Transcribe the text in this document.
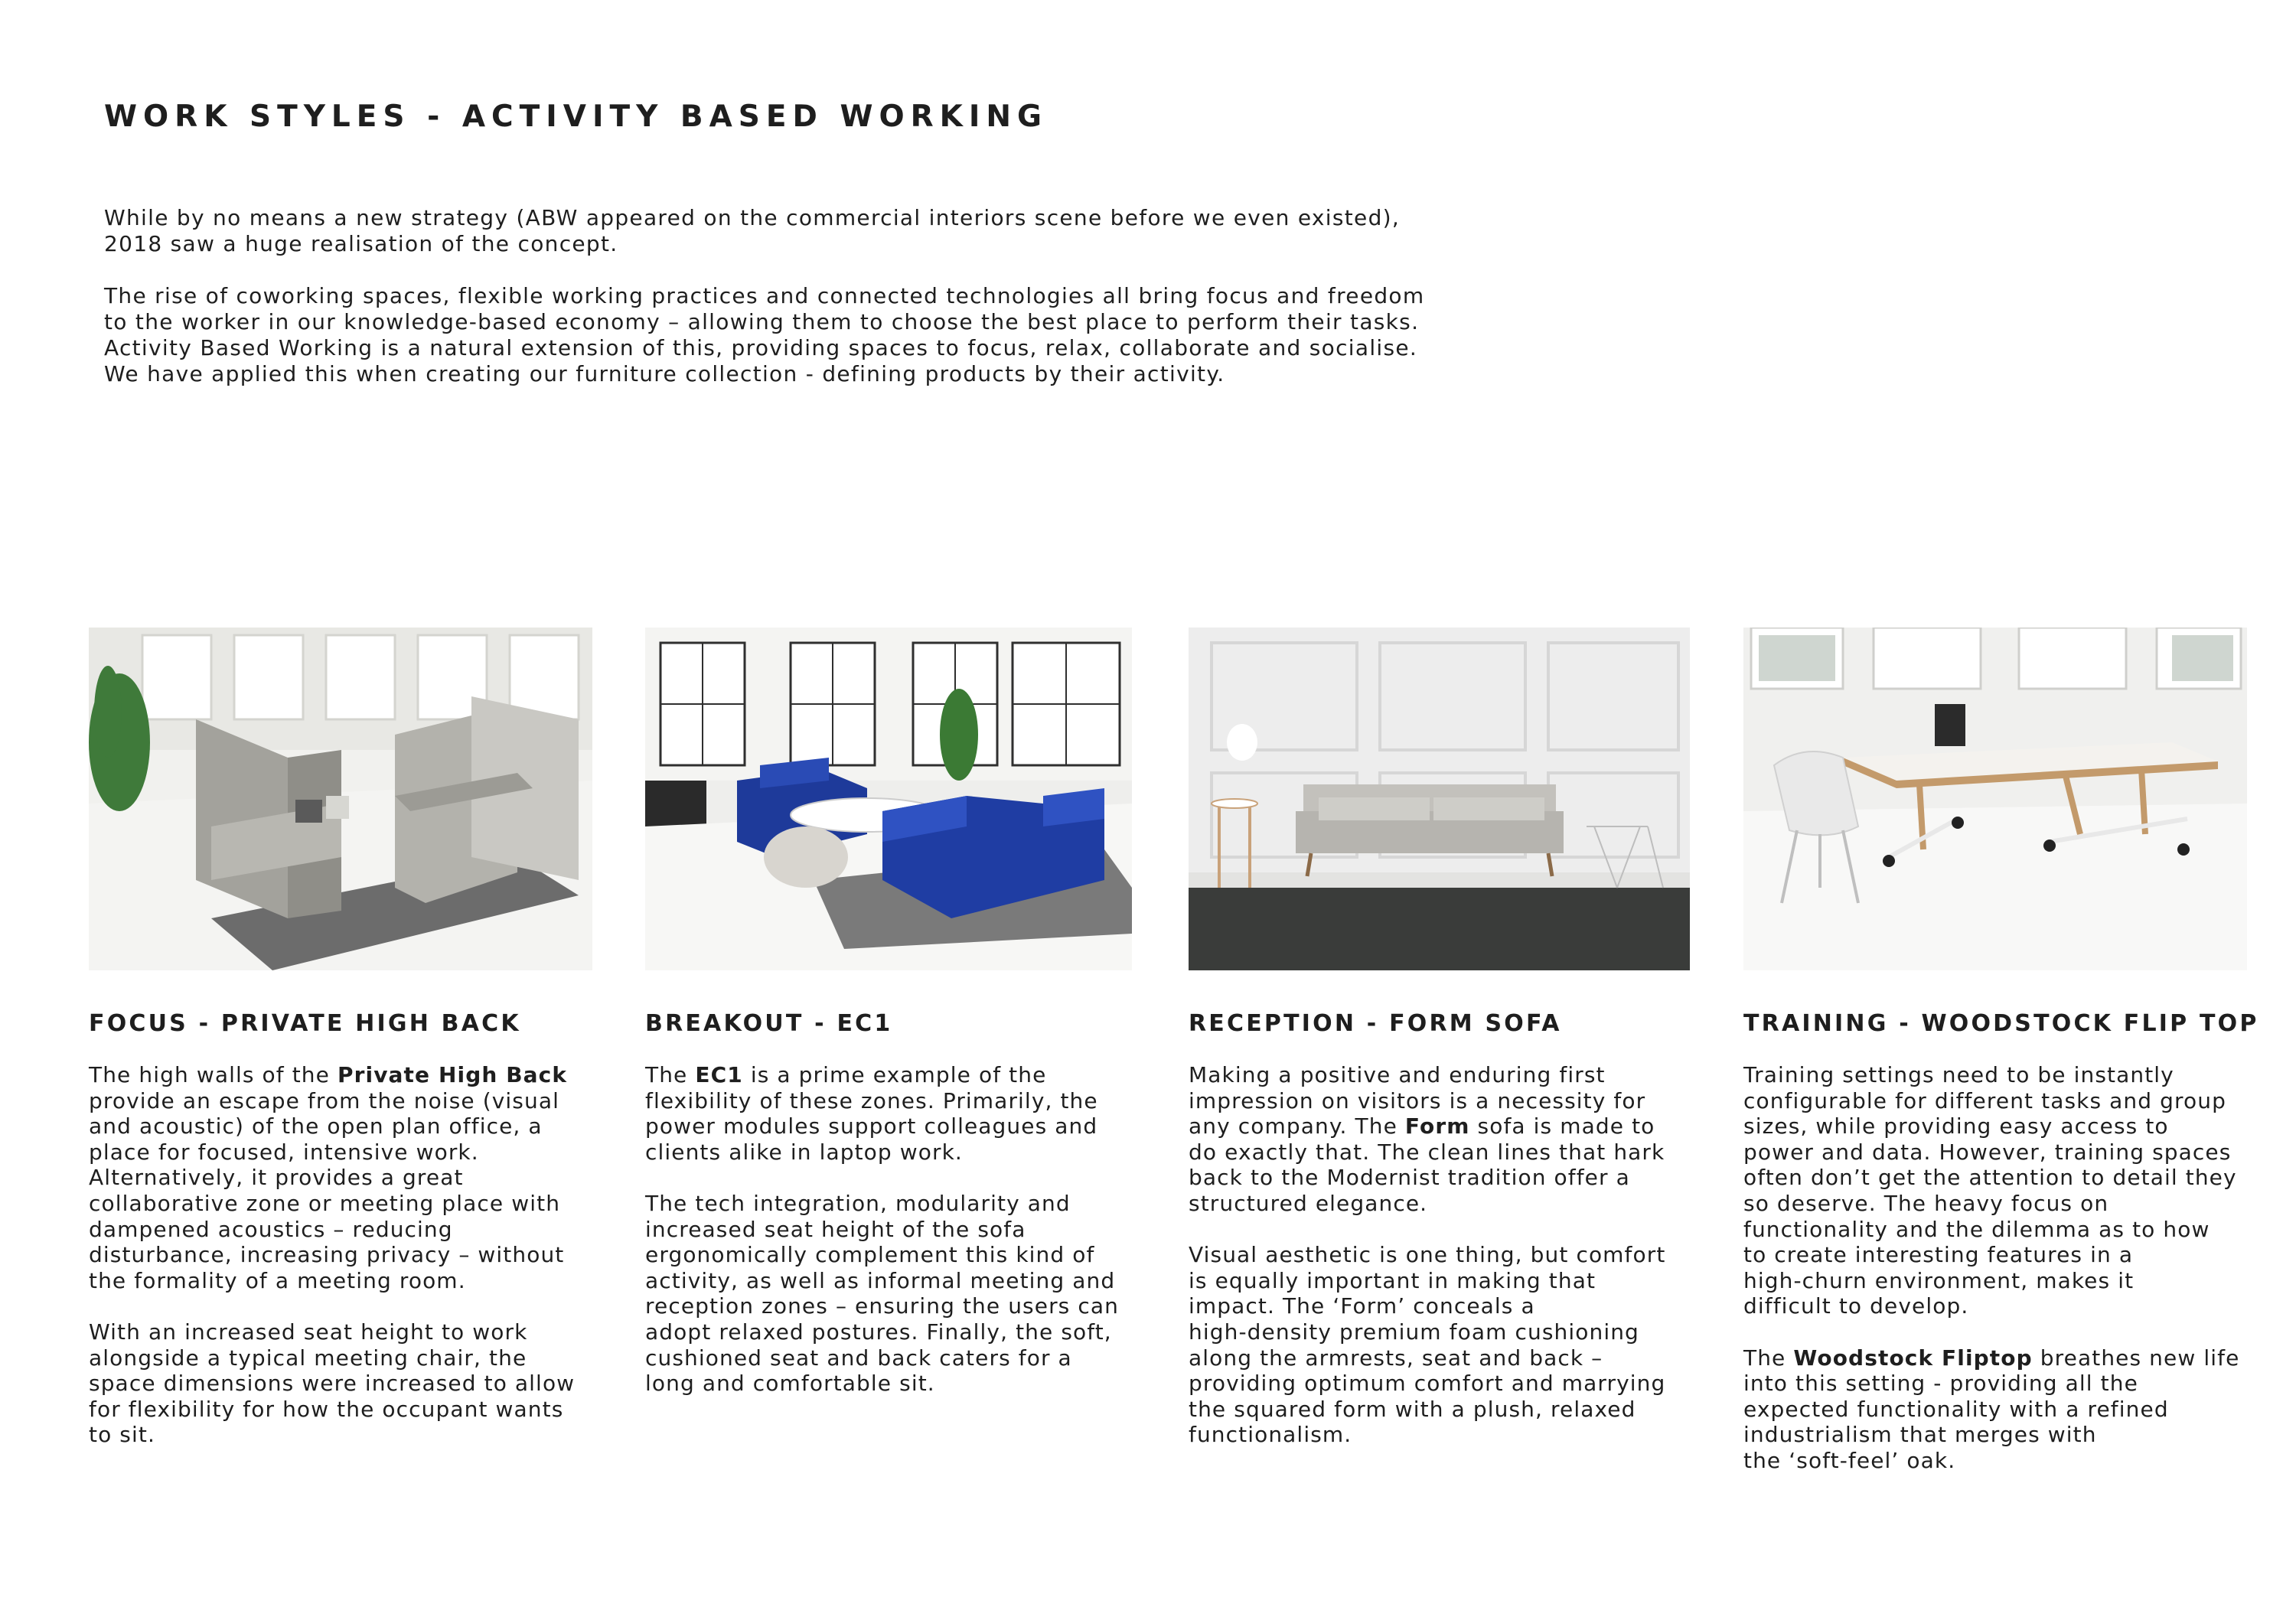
WORK STYLES - ACTIVITY BASED WORKING

While by no means a new strategy (ABW appeared on the commercial interiors scene before we even existed),
2018 saw a huge realisation of the concept.

The rise of coworking spaces, flexible working practices and connected technologies all bring focus and freedom
to the worker in our knowledge-based economy – allowing them to choose the best place to perform their tasks.
Activity Based Working is a natural extension of this, providing spaces to focus, relax, collaborate and socialise.
We have applied this when creating our furniture collection - defining products by their activity.

FOCUS - PRIVATE HIGH BACK
The high walls of the Private High Back
provide an escape from the noise (visual
and acoustic) of the open plan office, a
place for focused, intensive work.
Alternatively, it provides a great
collaborative zone or meeting place with
dampened acoustics – reducing
disturbance, increasing privacy – without
the formality of a meeting room.
With an increased seat height to work
alongside a typical meeting chair, the
space dimensions were increased to allow
for flexibility for how the occupant wants
to sit.
BREAKOUT - EC1
The EC1 is a prime example of the
flexibility of these zones. Primarily, the
power modules support colleagues and
clients alike in laptop work.
The tech integration, modularity and
increased seat height of the sofa
ergonomically complement this kind of
activity, as well as informal meeting and
reception zones – ensuring the users can
adopt relaxed postures. Finally, the soft,
cushioned seat and back caters for a
long and comfortable sit.
RECEPTION - FORM SOFA
Making a positive and enduring first
impression on visitors is a necessity for
any company. The Form sofa is made to
do exactly that. The clean lines that hark
back to the Modernist tradition offer a
structured elegance.
Visual aesthetic is one thing, but comfort
is equally important in making that
impact. The ‘Form’ conceals a
high-density premium foam cushioning
along the armrests, seat and back –
providing optimum comfort and marrying
the squared form with a plush, relaxed
functionalism.
TRAINING - WOODSTOCK FLIP TOP
Training settings need to be instantly
configurable for different tasks and group
sizes, while providing easy access to
power and data. However, training spaces
often don’t get the attention to detail they
so deserve. The heavy focus on
functionality and the dilemma as to how
to create interesting features in a
high-churn environment, makes it
difficult to develop.
The Woodstock Fliptop breathes new life
into this setting - providing all the
expected functionality with a refined
industrialism that merges with
the ‘soft-feel’ oak.
